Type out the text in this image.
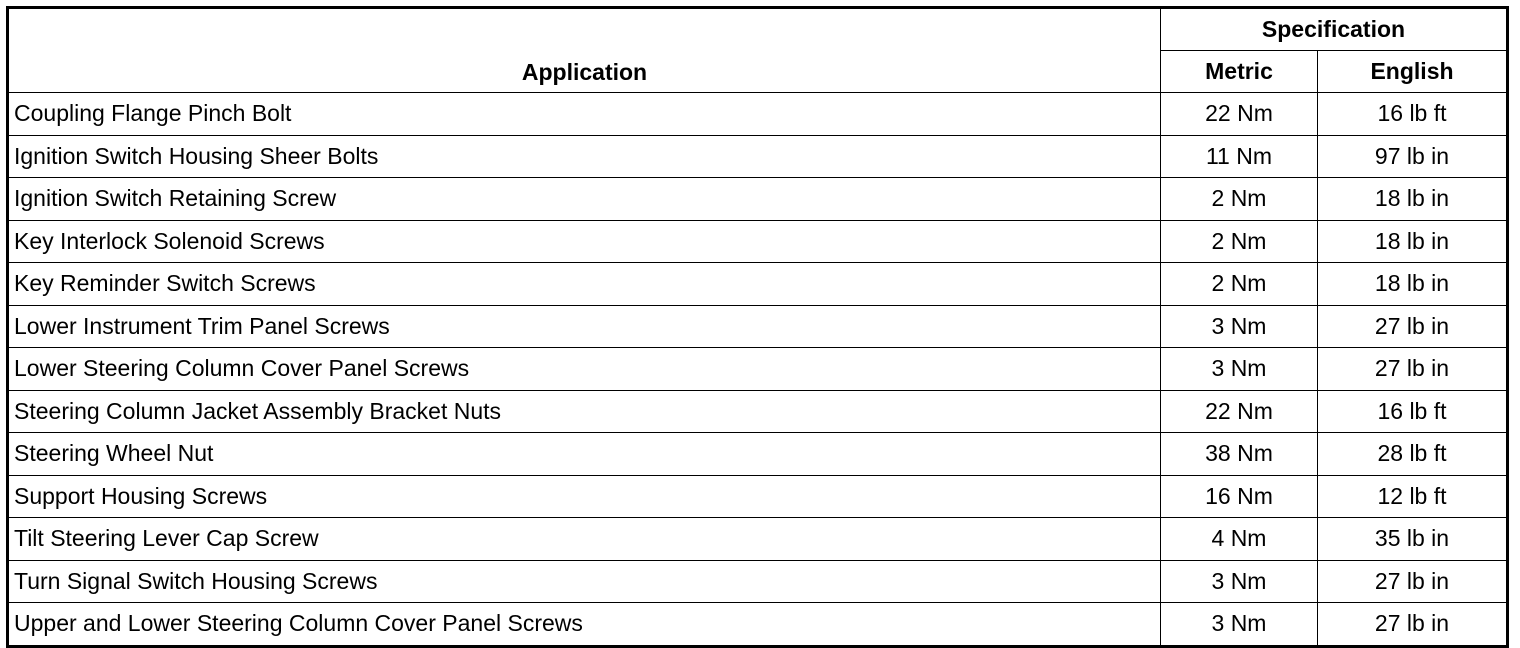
Application	Specification	
	Metric	English
Coupling Flange Pinch Bolt	22 Nm	16 lb ft
Ignition Switch Housing Sheer Bolts	11 Nm	97 lb in
Ignition Switch Retaining Screw	2 Nm	18 lb in
Key Interlock Solenoid Screws	2 Nm	18 lb in
Key Reminder Switch Screws	2 Nm	18 lb in
Lower Instrument Trim Panel Screws	3 Nm	27 lb in
Lower Steering Column Cover Panel Screws	3 Nm	27 lb in
Steering Column Jacket Assembly Bracket Nuts	22 Nm	16 lb ft
Steering Wheel Nut	38 Nm	28 lb ft
Support Housing Screws	16 Nm	12 lb ft
Tilt Steering Lever Cap Screw	4 Nm	35 lb in
Turn Signal Switch Housing Screws	3 Nm	27 lb in
Upper and Lower Steering Column Cover Panel Screws	3 Nm	27 lb in
